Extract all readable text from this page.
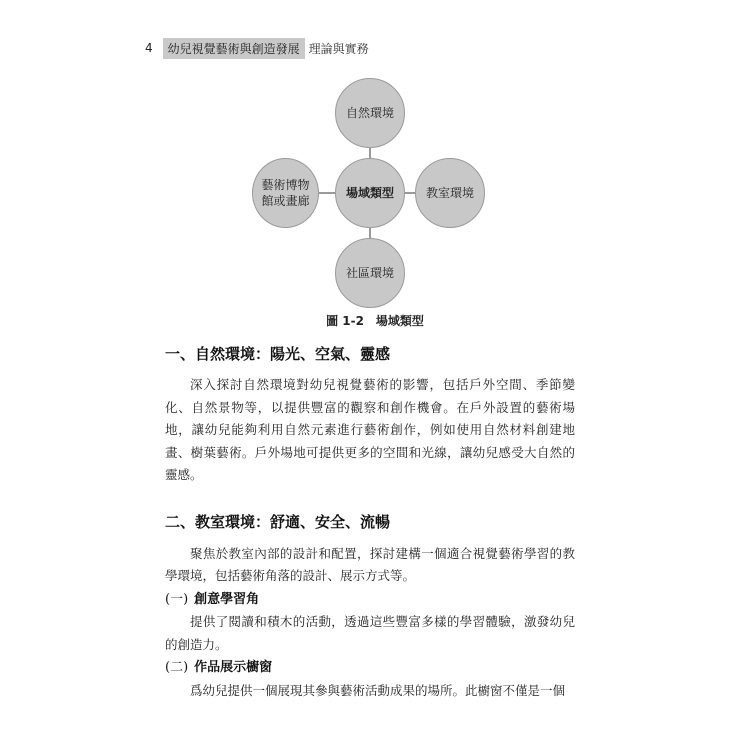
4	幼兒視覺藝術與創造發展 理論與實務
自然環境
藝術博物
館或畫廊
場域類型	教室環境
社區環境
圖 1-2　場域類型
一、自然環境：陽光、空氣、靈感

深入探討自然環境對幼兒視覺藝術的影響，包括戶外空間、季節變化、自然景物等，以提供豐富的觀察和創作機會。在戶外設置的藝術場地，讓幼兒能夠利用自然元素進行藝術創作，例如使用自然材料創建地畫、樹葉藝術。戶外場地可提供更多的空間和光線，讓幼兒感受大自然的靈感。

二、教室環境：舒適、安全、流暢

聚焦於教室內部的設計和配置，探討建構一個適合視覺藝術學習的教學環境，包括藝術角落的設計、展示方式等。

(一) 創意學習角

提供了閱讀和積木的活動，透過這些豐富多樣的學習體驗，激發幼兒的創造力。

(二) 作品展示櫥窗

爲幼兒提供一個展現其參與藝術活動成果的場所。此櫥窗不僅是一個
